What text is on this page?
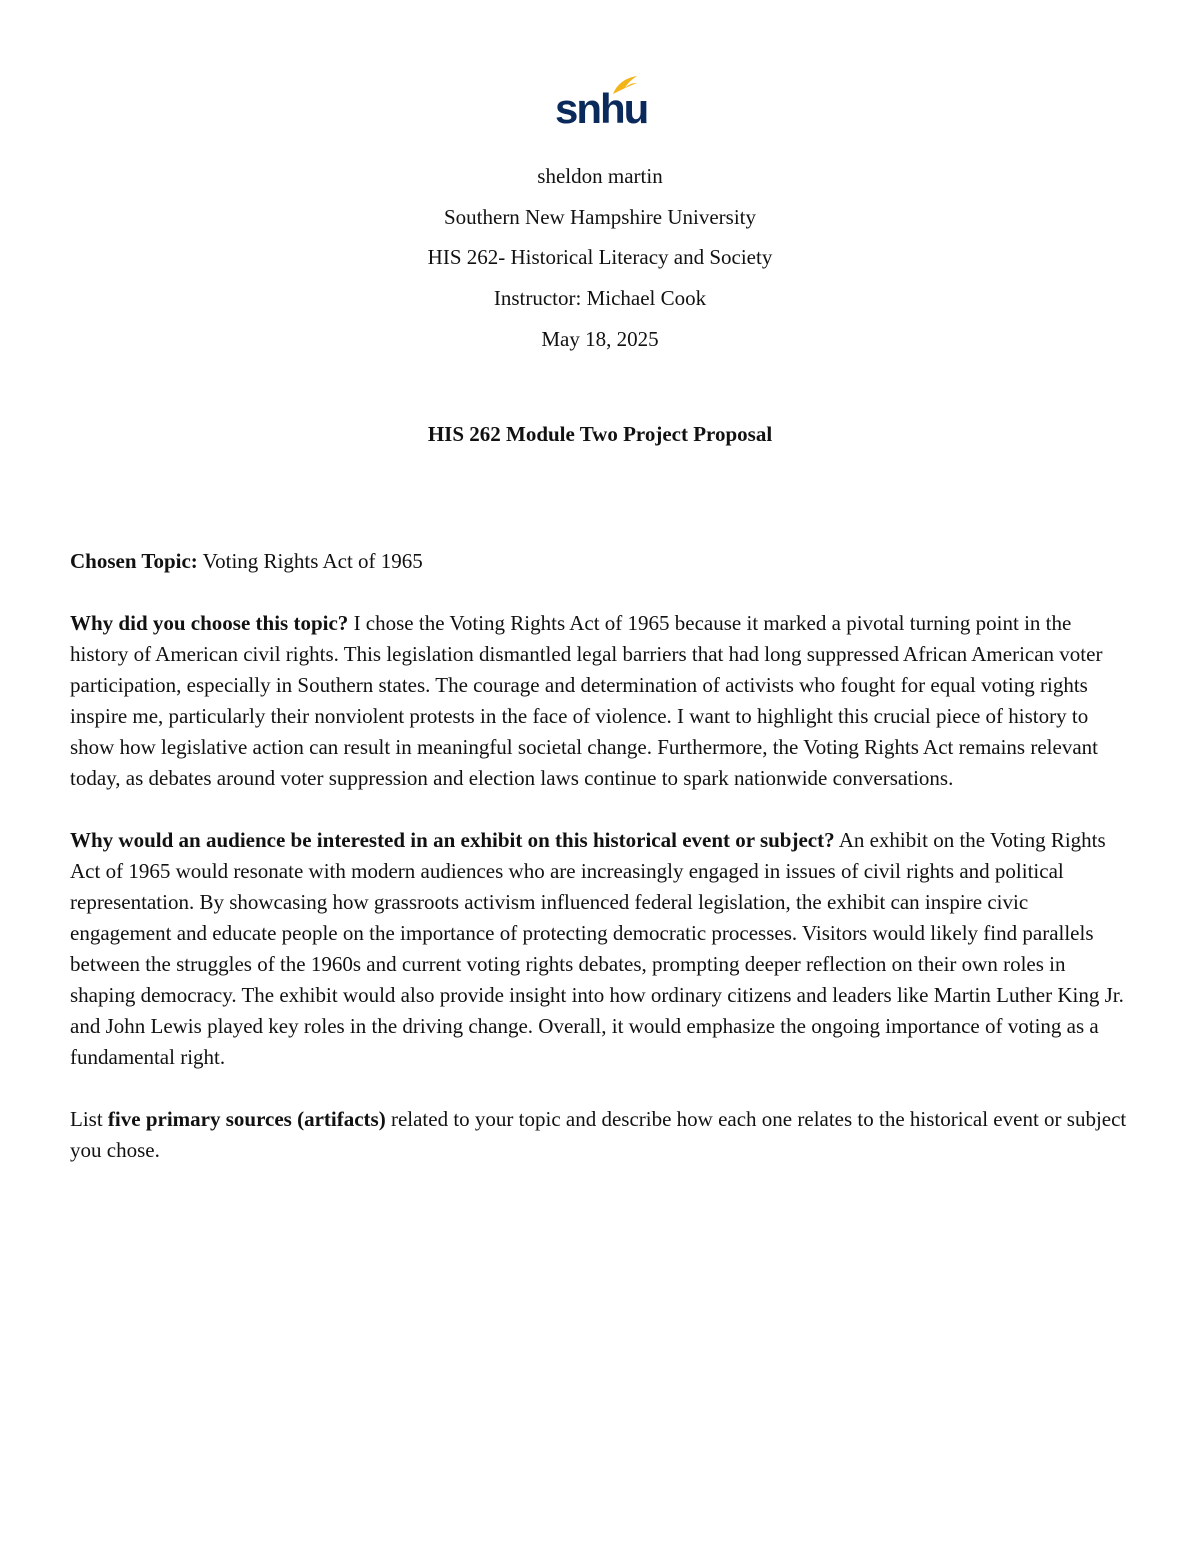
snhu
sheldon martin
Southern New Hampshire University
HIS 262- Historical Literacy and Society
Instructor: Michael Cook
May 18, 2025
HIS 262 Module Two Project Proposal

Chosen Topic: Voting Rights Act of 1965

Why did you choose this topic? I chose the Voting Rights Act of 1965 because it marked a pivotal turning point in the history of American civil rights. This legislation dismantled legal barriers that had long suppressed African American voter participation, especially in Southern states. The courage and determination of activists who fought for equal voting rights inspire me, particularly their nonviolent protests in the face of violence. I want to highlight this crucial piece of history to show how legislative action can result in meaningful societal change. Furthermore, the Voting Rights Act remains relevant today, as debates around voter suppression and election laws continue to spark nationwide conversations.

Why would an audience be interested in an exhibit on this historical event or subject? An exhibit on the Voting Rights Act of 1965 would resonate with modern audiences who are increasingly engaged in issues of civil rights and political representation. By showcasing how grassroots activism influenced federal legislation, the exhibit can inspire civic engagement and educate people on the importance of protecting democratic processes. Visitors would likely find parallels between the struggles of the 1960s and current voting rights debates, prompting deeper reflection on their own roles in shaping democracy. The exhibit would also provide insight into how ordinary citizens and leaders like Martin Luther King Jr. and John Lewis played key roles in the driving change. Overall, it would emphasize the ongoing importance of voting as a fundamental right.

List five primary sources (artifacts) related to your topic and describe how each one relates to the historical event or subject you chose.
